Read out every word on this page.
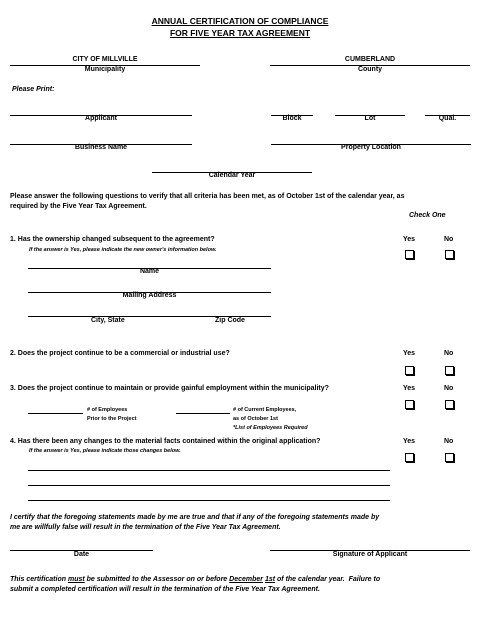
ANNUAL CERTIFICATION OF COMPLIANCE
FOR FIVE YEAR TAX AGREEMENT
CITY OF MILLVILLE
Municipality
CUMBERLAND
County
Please Print:
Applicant	Block	Lot	Qual.
Business Name	Property Location
Calendar Year
Please answer the following questions to verify that all criteria has been met, as of October 1st of the calendar year, as
required by the Five Year Tax Agreement.
Check One
1. Has the ownership changed subsequent to the agreement?
If the answer is Yes, please indicate the new owner's information below.
Yes	No
Name
Mailing Address
City, State	Zip Code
2. Does the project continue to be a commercial or industrial use?	Yes	No
3. Does the project continue to maintain or provide gainful employment within the municipality?	Yes	No
# of Employees
Prior to the Project
# of Current Employees,
as of October 1st
*List of Employees Required
4. Has there been any changes to the material facts contained within the original application?
If the answer is Yes, please indicate those changes below.
Yes	No
I certify that the foregoing statements made by me are true and that if any of the foregoing statements made by
me are willfully false will result in the termination of the Five Year Tax Agreement.
Date	Signature of Applicant
This certification must be submitted to the Assessor on or before December 1st of the calendar year.  Failure to
submit a completed certification will result in the termination of the Five Year Tax Agreement.
